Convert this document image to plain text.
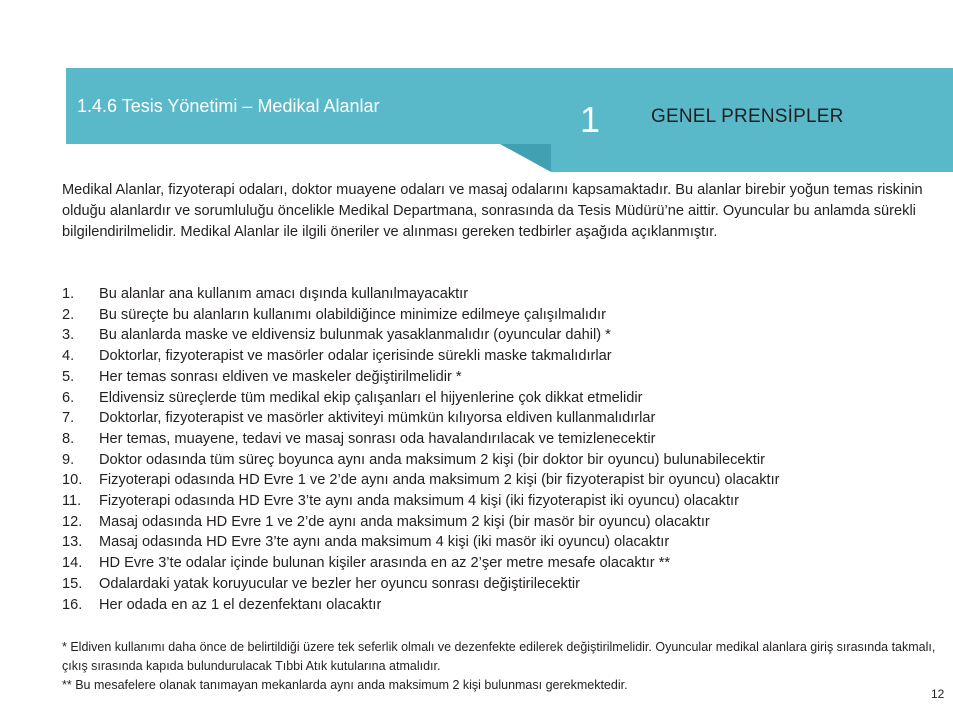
1.4.6 Tesis Yönetimi – Medikal Alanlar	1	GENEL PRENSİPLER

Medikal Alanlar, fizyoterapi odaları, doktor muayene odaları ve masaj odalarını kapsamaktadır. Bu alanlar birebir yoğun temas riskinin olduğu alanlardır ve sorumluluğu öncelikle Medikal Departmana, sonrasında da Tesis Müdürü’ne aittir. Oyuncular bu anlamda sürekli bilgilendirilmelidir. Medikal Alanlar ile ilgili öneriler ve alınması gereken tedbirler aşağıda açıklanmıştır.

1.	Bu alanlar ana kullanım amacı dışında kullanılmayacaktır
2.	Bu süreçte bu alanların kullanımı olabildiğince minimize edilmeye çalışılmalıdır
3.	Bu alanlarda maske ve eldivensiz bulunmak yasaklanmalıdır (oyuncular dahil) *
4.	Doktorlar, fizyoterapist ve masörler odalar içerisinde sürekli maske takmalıdırlar
5.	Her temas sonrası eldiven ve maskeler değiştirilmelidir *
6.	Eldivensiz süreçlerde tüm medikal ekip çalışanları el hijyenlerine çok dikkat etmelidir
7.	Doktorlar, fizyoterapist ve masörler aktiviteyi mümkün kılıyorsa eldiven kullanmalıdırlar
8.	Her temas, muayene, tedavi ve masaj sonrası oda havalandırılacak ve temizlenecektir
9.	Doktor odasında tüm süreç boyunca aynı anda maksimum 2 kişi (bir doktor bir oyuncu) bulunabilecektir
10.	Fizyoterapi odasında HD Evre 1 ve 2’de aynı anda maksimum 2 kişi (bir fizyoterapist bir oyuncu) olacaktır
11.	Fizyoterapi odasında HD Evre 3’te aynı anda maksimum 4 kişi (iki fizyoterapist iki oyuncu) olacaktır
12.	Masaj odasında HD Evre 1 ve 2’de aynı anda maksimum 2 kişi (bir masör bir oyuncu) olacaktır
13.	Masaj odasında HD Evre 3’te aynı anda maksimum 4 kişi (iki masör iki oyuncu) olacaktır
14.	HD Evre 3’te odalar içinde bulunan kişiler arasında en az 2’şer metre mesafe olacaktır **
15.	Odalardaki yatak koruyucular ve bezler her oyuncu sonrası değiştirilecektir
16.	Her odada en az 1 el dezenfektanı olacaktır

* Eldiven kullanımı daha önce de belirtildiği üzere tek seferlik olmalı ve dezenfekte edilerek değiştirilmelidir. Oyuncular medikal alanlara giriş sırasında takmalı, çıkış sırasında kapıda bulundurulacak Tıbbi Atık kutularına atmalıdır.

** Bu mesafelere olanak tanımayan mekanlarda aynı anda maksimum 2 kişi bulunması gerekmektedir.

12
